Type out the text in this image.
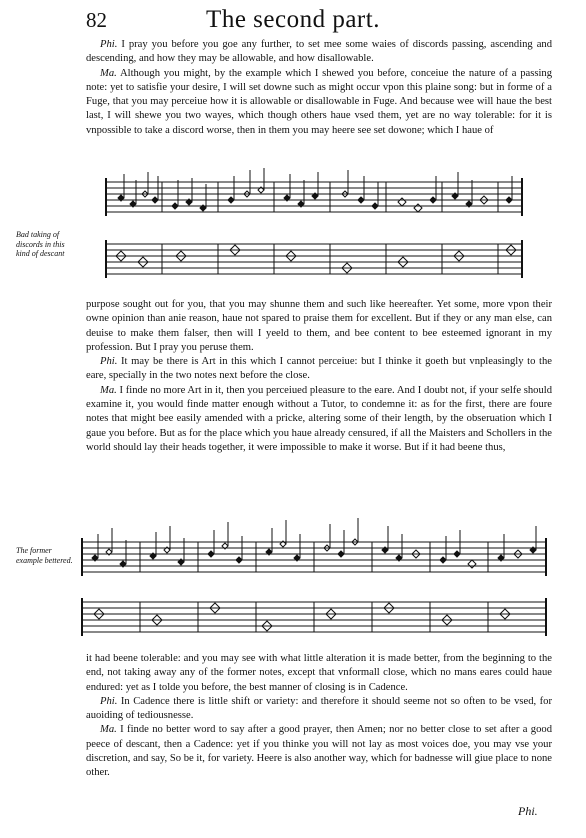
82	The second part.

Phi. I pray you before you goe any further, to set mee some waies of discords passing, ascending and descending, and how they may be allowable, and how disallowable.

Ma. Although you might, by the example which I shewed you before, conceiue the nature of a passing note: yet to satisfie your desire, I will set downe such as might occur vpon this plaine song: but in forme of a Fuge, that you may perceiue how it is allowable or disallowable in Fuge. And because wee will haue the best last, I will shewe you two wayes, which though others haue vsed them, yet are no way tolerable: for it is vnpossible to take a discord worse, then in them you may heere see set dowone; which I haue of

Bad taking of discords in this kind of descant

purpose sought out for you, that you may shunne them and such like heereafter. Yet some, more vpon their owne opinion than anie reason, haue not spared to praise them for excellent. But if they or any man else, can deuise to make them falser, then will I yeeld to them, and bee content to bee esteemed ignorant in my profession. But I pray you peruse them.

Phi. It may be there is Art in this which I cannot perceiue: but I thinke it goeth but vnpleasingly to the eare, specially in the two notes next before the close.

Ma. I finde no more Art in it, then you perceiued pleasure to the eare. And I doubt not, if your selfe should examine it, you would finde matter enough without a Tutor, to condemne it: as for the first, there are foure notes that might bee easily amended with a pricke, altering some of their length, by the obseruation which I gaue you before. But as for the place which you haue already censured, if all the Maisters and Schollers in the world should lay their heads together, it were impossible to make it worse. But if it had beene thus,

The former example bettered.

it had beene tolerable: and you may see with what little alteration it is made better, from the beginning to the end, not taking away any of the former notes, except that vnformall close, which no mans eares could haue endured: yet as I tolde you before, the best manner of closing is in Cadence.

Phi. In Cadence there is little shift or variety: and therefore it should seeme not so often to be vsed, for auoiding of tediousnesse.

Ma. I finde no better word to say after a good prayer, then Amen; nor no better close to set after a good peece of descant, then a Cadence: yet if you thinke you will not lay as most voices doe, you may vse your discretion, and say, So be it, for variety. Heere is also another way, which for badnesse will giue place to none other.

Phi.
